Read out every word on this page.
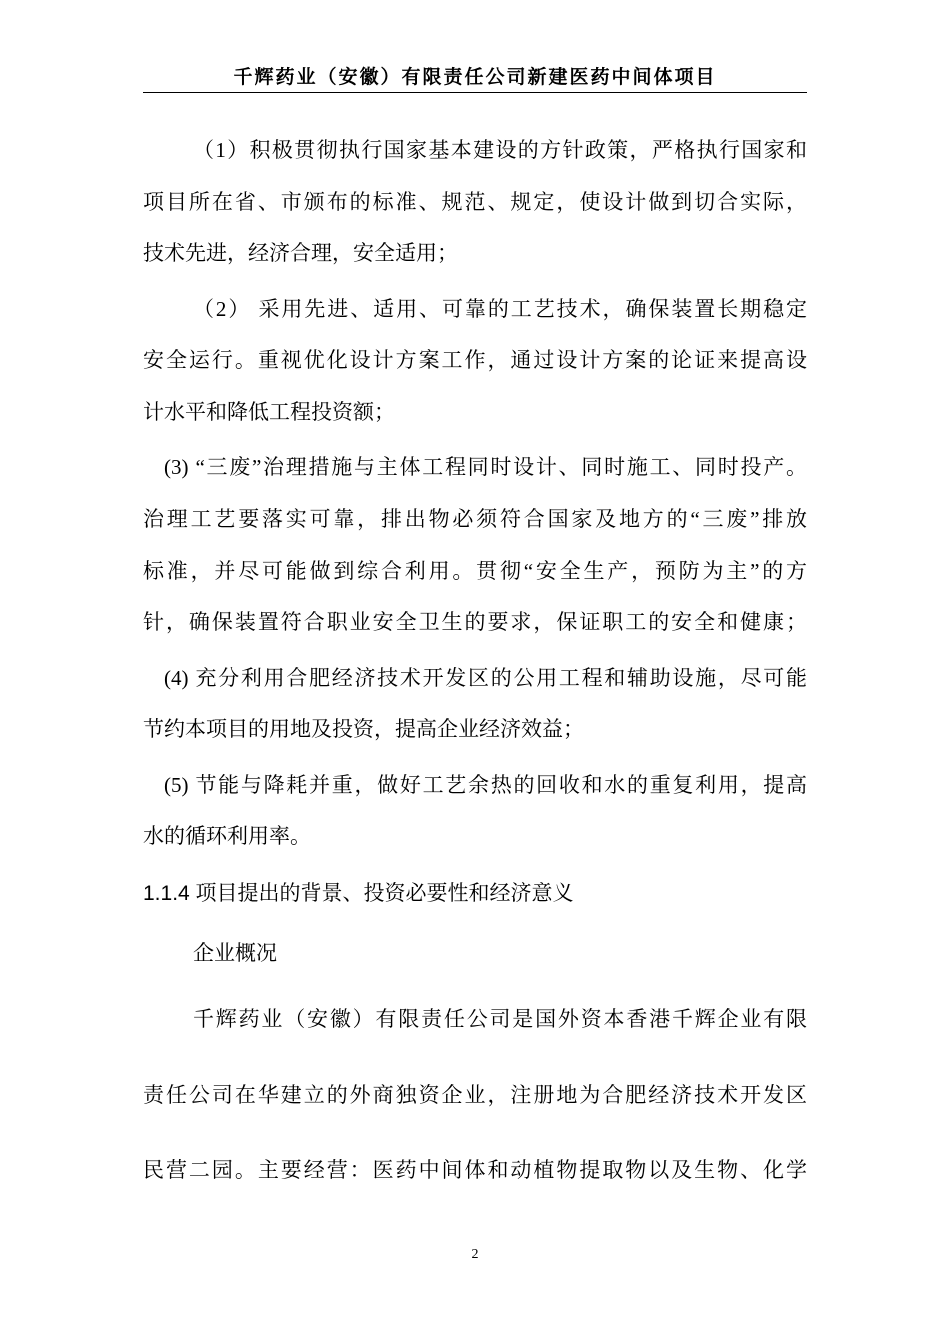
千辉药业（安徽）有限责任公司新建医药中间体项目
（1）积极贯彻执行国家基本建设的方针政策，严格执行国家和
项目所在省、市颁布的标准、规范、规定，使设计做到切合实际，
技术先进，经济合理，安全适用；
（2） 采用先进、适用、可靠的工艺技术，确保装置长期稳定
安全运行。重视优化设计方案工作，通过设计方案的论证来提高设
计水平和降低工程投资额；
(3) “三废”治理措施与主体工程同时设计、同时施工、同时投产。
治理工艺要落实可靠，排出物必须符合国家及地方的“三废”排放
标准，并尽可能做到综合利用。贯彻“安全生产，预防为主”的方
针，确保装置符合职业安全卫生的要求，保证职工的安全和健康；
(4) 充分利用合肥经济技术开发区的公用工程和辅助设施，尽可能
节约本项目的用地及投资，提高企业经济效益；
(5) 节能与降耗并重，做好工艺余热的回收和水的重复利用，提高
水的循环利用率。
1.1.4 项目提出的背景、投资必要性和经济意义
企业概况
千辉药业（安徽）有限责任公司是国外资本香港千辉企业有限
责任公司在华建立的外商独资企业，注册地为合肥经济技术开发区
民营二园。主要经营：医药中间体和动植物提取物以及生物、化学
2
